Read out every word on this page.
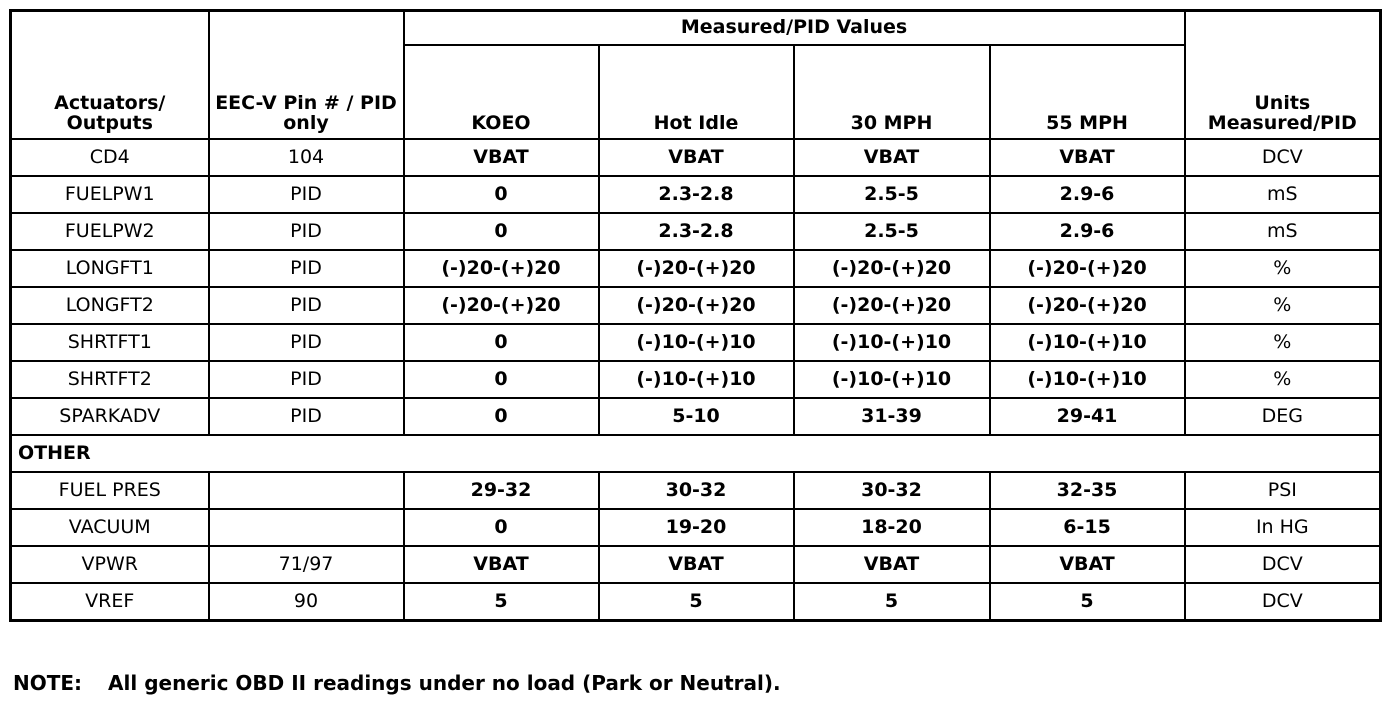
Actuators/ Outputs	EEC-V Pin # / PID only	Measured/PID Values				Units Measured/PID
		KOEO	Hot Idle	30 MPH	55 MPH	
CD4	104	VBAT	VBAT	VBAT	VBAT	DCV
FUELPW1	PID	0	2.3-2.8	2.5-5	2.9-6	mS
FUELPW2	PID	0	2.3-2.8	2.5-5	2.9-6	mS
LONGFT1	PID	(-)20-(+)20	(-)20-(+)20	(-)20-(+)20	(-)20-(+)20	%
LONGFT2	PID	(-)20-(+)20	(-)20-(+)20	(-)20-(+)20	(-)20-(+)20	%
SHRTFT1	PID	0	(-)10-(+)10	(-)10-(+)10	(-)10-(+)10	%
SHRTFT2	PID	0	(-)10-(+)10	(-)10-(+)10	(-)10-(+)10	%
SPARKADV	PID	0	5-10	31-39	29-41	DEG
OTHER						
FUEL PRES		29-32	30-32	30-32	32-35	PSI
VACUUM		0	19-20	18-20	6-15	In HG
VPWR	71/97	VBAT	VBAT	VBAT	VBAT	DCV
VREF	90	5	5	5	5	DCV
NOTE: All generic OBD II readings under no load (Park or Neutral).
